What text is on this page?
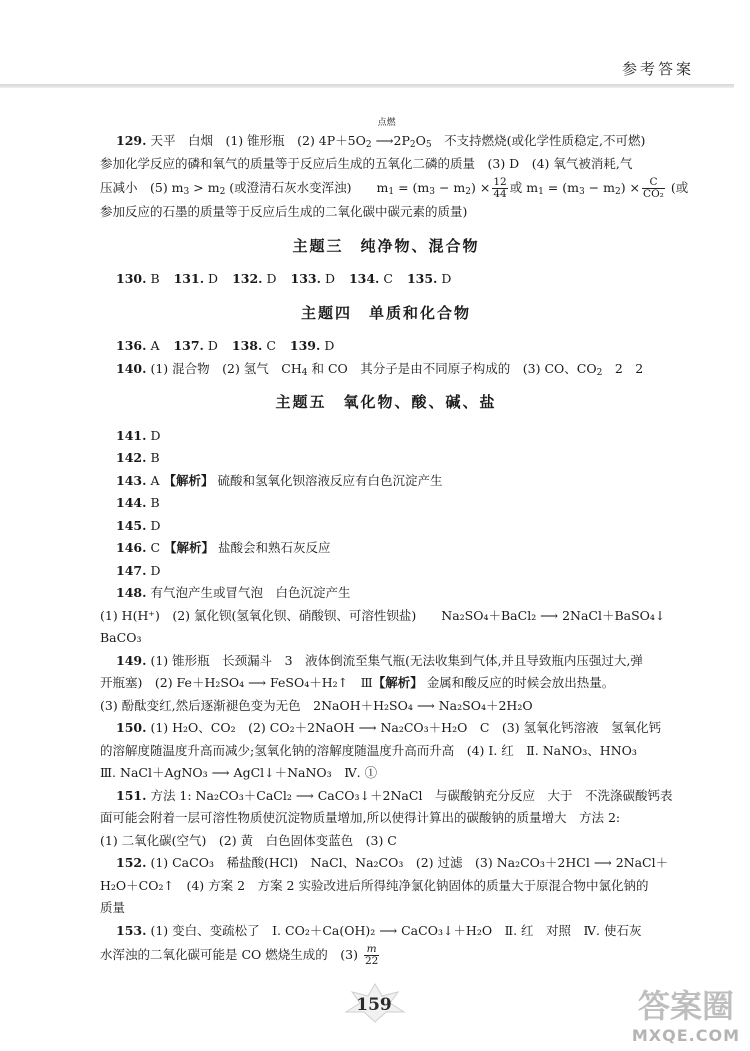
参考答案
129. 天平　白烟　(1) 锥形瓶　(2) $4P+5O_2$
点燃
$⟶2P_2O_5$　不支持燃烧(或化学性质稳定,不可燃)
参加化学反应的磷和氧气的质量等于反应后生成的五氧化二磷的质量　(3) D　(4) 氧气被消耗,气
压减小　(5) $m_3 > m_2$ (或澄清石灰水变浑浊)　　$m_1 = (m_3 - m_2) \times \frac{12}{44}$ 或 $m_1 = (m_3 - m_2) \times \frac{C}{\text{CO₂}}$ (或
参加反应的石墨的质量等于反应后生成的二氧化碳中碳元素的质量)
主题三　纯净物、混合物
130. B 131. D 132. D 133. D 134. C 135. D
主题四　单质和化合物
136. A 137. D 138. C 139. D
140. (1) 混合物　(2) 氢气　$CH_4$ 和 CO　其分子是由不同原子构成的　(3) CO、$CO_2$　2　2
主题五　氧化物、酸、碱、盐
141. D
142. B
143. A 【解析】 硫酸和氢氧化钡溶液反应有白色沉淀产生
144. B
145. D
146. C 【解析】 盐酸会和熟石灰反应
147. D
148. 有气泡产生或冒气泡　白色沉淀产生
(1) H(H⁺)　(2) 氯化钡(氢氧化钡、硝酸钡、可溶性钡盐)　　Na₂SO₄＋BaCl₂ ⟶ 2NaCl＋BaSO₄↓
BaCO₃
149. (1) 锥形瓶　长颈漏斗　3　液体倒流至集气瓶(无法收集到气体,并且导致瓶内压强过大,弹
开瓶塞)　(2) Fe＋H₂SO₄ ⟶ FeSO₄＋H₂↑　Ⅲ【解析】 金属和酸反应的时候会放出热量。
(3) 酚酞变红,然后逐渐褪色变为无色　2NaOH＋H₂SO₄ ⟶ Na₂SO₄＋2H₂O
150. (1) H₂O、CO₂　(2) CO₂＋2NaOH ⟶ Na₂CO₃＋H₂O　C　(3) 氢氧化钙溶液　氢氧化钙
的溶解度随温度升高而减少;氢氧化钠的溶解度随温度升高而升高　(4) Ⅰ. 红　Ⅱ. NaNO₃、HNO₃
Ⅲ. NaCl＋AgNO₃ ⟶ AgCl↓＋NaNO₃　Ⅳ. ①
151. 方法 1: Na₂CO₃＋CaCl₂ ⟶ CaCO₃↓＋2NaCl　与碳酸钠充分反应　大于　不洗涤碳酸钙表
面可能会附着一层可溶性物质使沉淀物质量增加,所以使得计算出的碳酸钠的质量增大　方法 2:
(1) 二氧化碳(空气)　(2) 黄　白色固体变蓝色　(3) C
152. (1) CaCO₃　稀盐酸(HCl)　NaCl、Na₂CO₃　(2) 过滤　(3) Na₂CO₃＋2HCl ⟶ 2NaCl＋
H₂O＋CO₂↑　(4) 方案 2　方案 2 实验改进后所得纯净氯化钠固体的质量大于原混合物中氯化钠的
质量
153. (1) 变白、变疏松了　Ⅰ. CO₂＋Ca(OH)₂ ⟶ CaCO₃↓＋H₂O　Ⅱ. 红　对照　Ⅳ. 使石灰
水浑浊的二氧化碳可能是 CO 燃烧生成的　$(3) \frac{m}{22}$
159	答案圈
MXQE.COM
